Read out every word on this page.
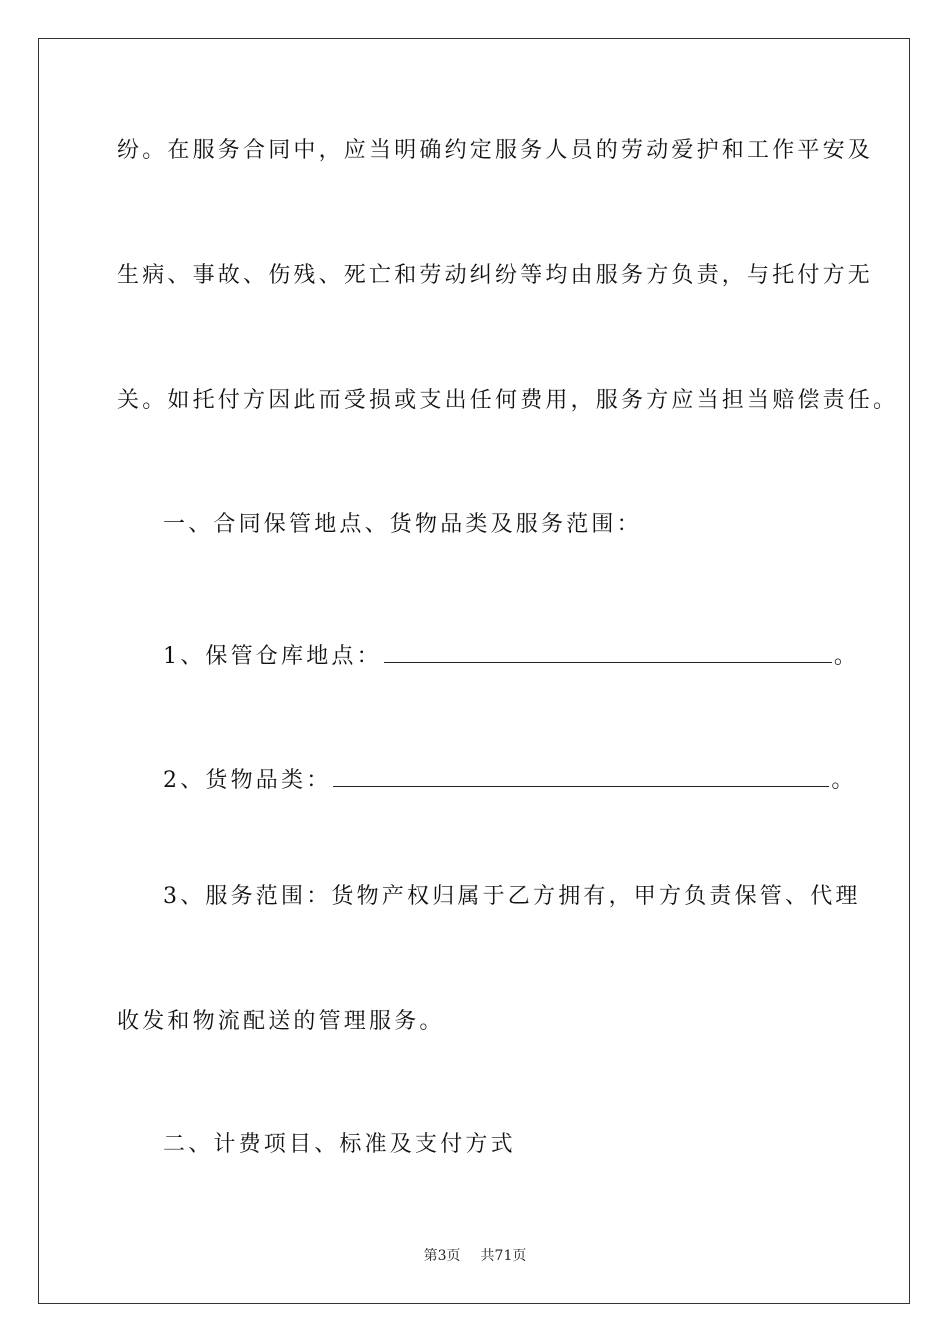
纷。在服务合同中，应当明确约定服务人员的劳动爱护和工作平安及
生病、事故、伤残、死亡和劳动纠纷等均由服务方负责，与托付方无
关。如托付方因此而受损或支出任何费用，服务方应当担当赔偿责任。
一、合同保管地点、货物品类及服务范围：
1、保管仓库地点：	。
2、货物品类：	。
3、服务范围：货物产权归属于乙方拥有，甲方负责保管、代理
收发和物流配送的管理服务。
二、计费项目、标准及支付方式
第3页 共71页
